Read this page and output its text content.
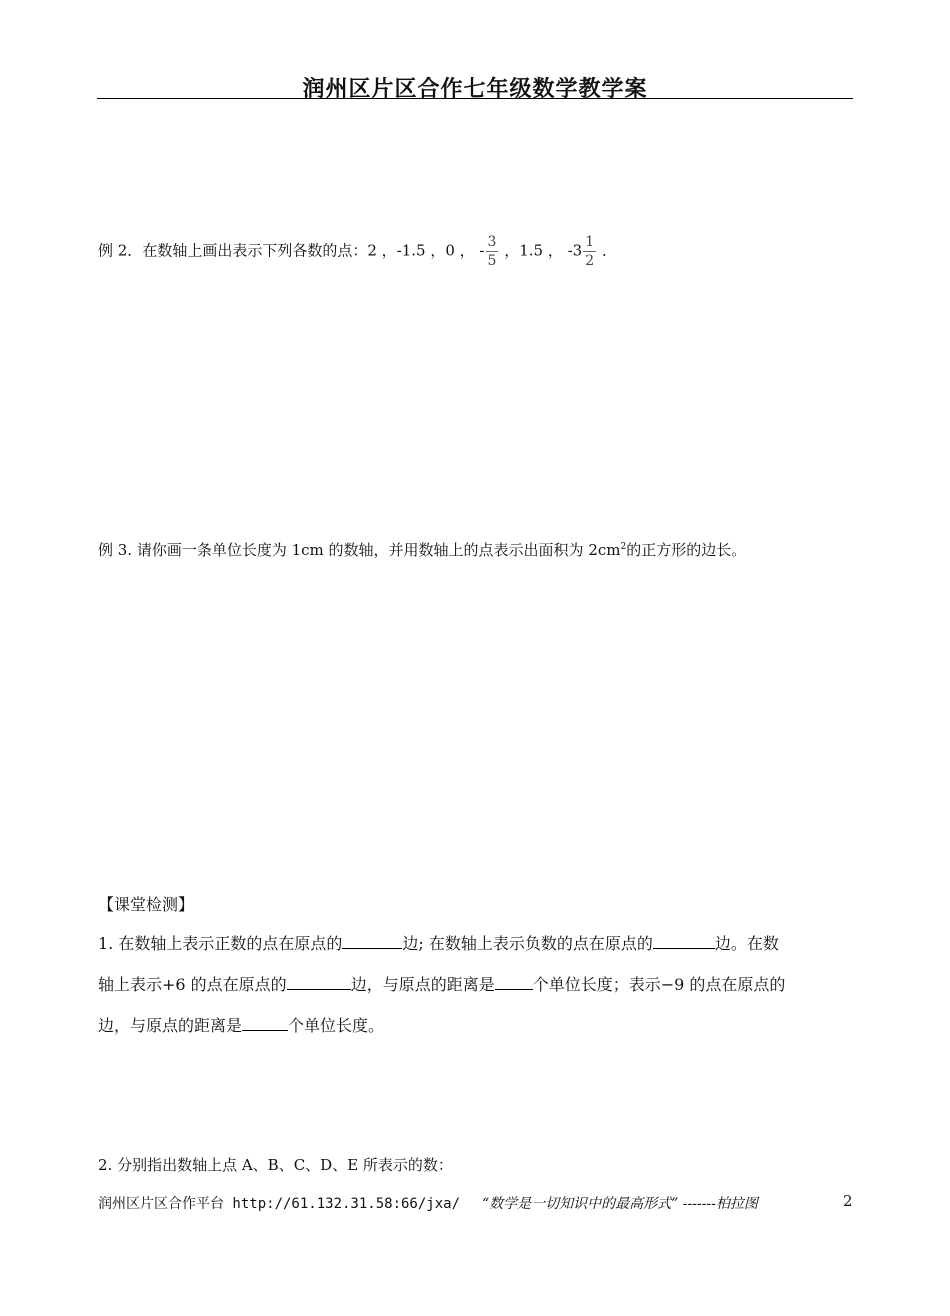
润州区片区合作七年级数学教学案
例 2．在数轴上画出表示下列各数的点：2 ，-1.5 ，0 ， - $\frac{3}{5}$ ，1.5 ， $-3 \frac{1}{2}$ ．
例 3. 请你画一条单位长度为 1cm 的数轴，并用数轴上的点表示出面积为 $2cm^2$的正方形的边长。
【课堂检测】
1. 在数轴上表示正数的点在原点的	边; 在数轴上表示负数的点在原点的	边。在数
轴上表示+6 的点在原点的	边，与原点的距离是 个单位长度；表示−9 的点在原点的
边，与原点的距离是	个单位长度。
2. 分别指出数轴上点 A、B、C、D、E 所表示的数：
润州区片区合作平台 http://61.132.31.58:66/jxa/ “数学是一切知识中的最高形式” -------柏拉图	2
